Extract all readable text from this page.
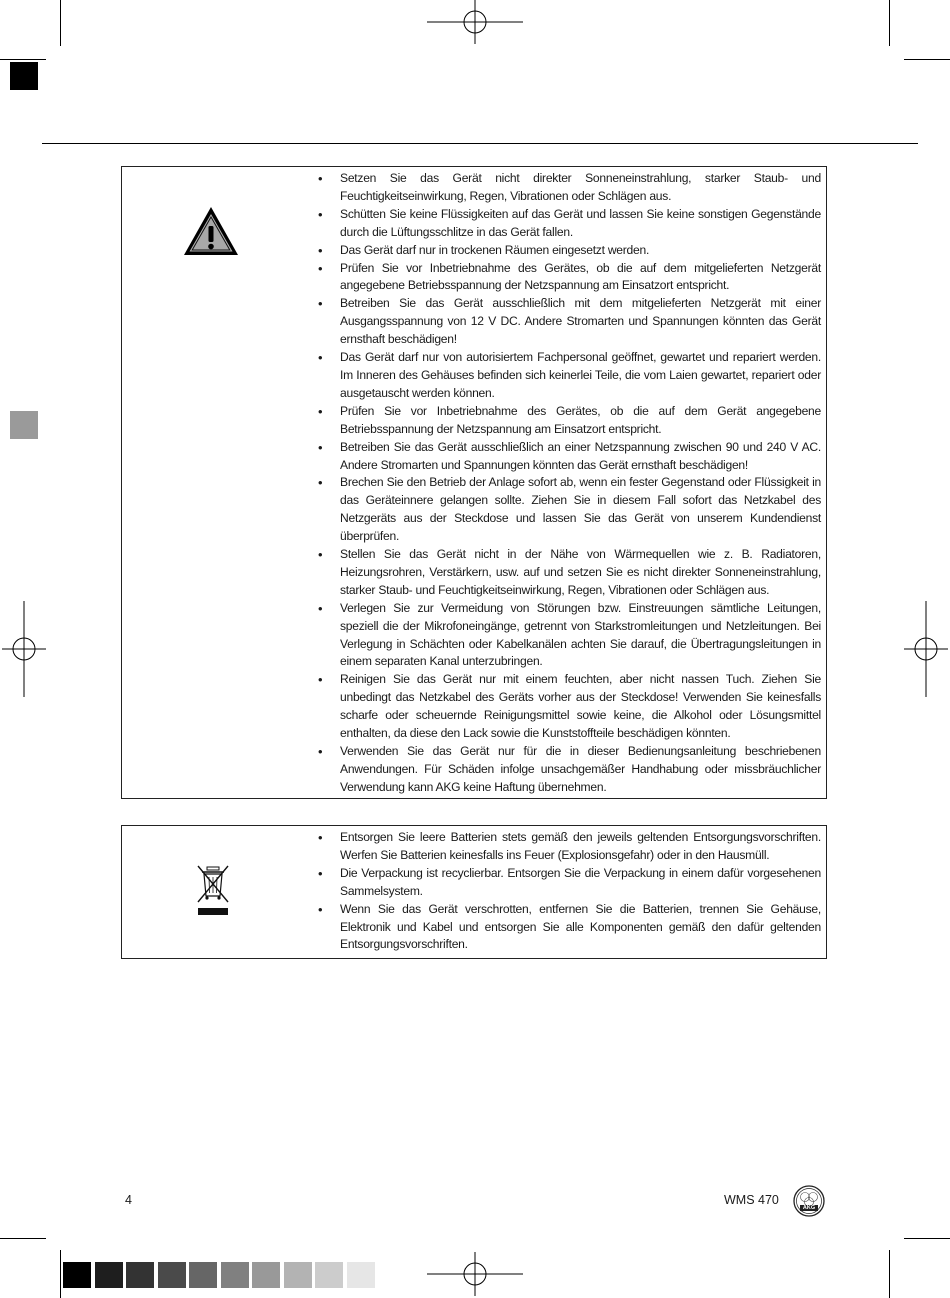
• Setzen Sie das Gerät nicht direkter Sonneneinstrahlung, starker Staub- und Feuchtigkeitseinwirkung, Regen, Vibrationen oder Schlägen aus.
• Schütten Sie keine Flüssigkeiten auf das Gerät und lassen Sie keine sonstigen Gegenstände durch die Lüftungsschlitze in das Gerät fallen.
• Das Gerät darf nur in trockenen Räumen eingesetzt werden.
• Prüfen Sie vor Inbetriebnahme des Gerätes, ob die auf dem mitgelieferten Netzgerät angegebene Betriebsspannung der Netzspannung am Einsatzort entspricht.
• Betreiben Sie das Gerät ausschließlich mit dem mitgelieferten Netzgerät mit einer Ausgangsspannung von 12 V DC. Andere Stromarten und Spannungen könnten das Gerät ernsthaft beschädigen!
• Das Gerät darf nur von autorisiertem Fachpersonal geöffnet, gewartet und repariert werden. Im Inneren des Gehäuses befinden sich keinerlei Teile, die vom Laien gewartet, repariert oder ausgetauscht werden können.
• Prüfen Sie vor Inbetriebnahme des Gerätes, ob die auf dem Gerät angegebene Betriebsspannung der Netzspannung am Einsatzort entspricht.
• Betreiben Sie das Gerät ausschließlich an einer Netzspannung zwischen 90 und 240 V AC. Andere Stromarten und Spannungen könnten das Gerät ernsthaft beschädigen!
• Brechen Sie den Betrieb der Anlage sofort ab, wenn ein fester Gegenstand oder Flüssigkeit in das Geräteinnere gelangen sollte. Ziehen Sie in diesem Fall sofort das Netzkabel des Netzgeräts aus der Steckdose und lassen Sie das Gerät von unserem Kundendienst überprüfen.
• Stellen Sie das Gerät nicht in der Nähe von Wärmequellen wie z. B. Radiatoren, Heizungsrohren, Verstärkern, usw. auf und setzen Sie es nicht direkter Sonneneinstrahlung, starker Staub- und Feuchtigkeitseinwirkung, Regen, Vibrationen oder Schlägen aus.
• Verlegen Sie zur Vermeidung von Störungen bzw. Einstreuungen sämtliche Leitungen, speziell die der Mikrofoneingänge, getrennt von Starkstromleitungen und Netzleitungen. Bei Verlegung in Schächten oder Kabelkanälen achten Sie darauf, die Übertragungsleitungen in einem separaten Kanal unterzubringen.
• Reinigen Sie das Gerät nur mit einem feuchten, aber nicht nassen Tuch. Ziehen Sie unbedingt das Netzkabel des Geräts vorher aus der Steckdose! Verwenden Sie keinesfalls scharfe oder scheuernde Reinigungsmittel sowie keine, die Alkohol oder Lösungsmittel enthalten, da diese den Lack sowie die Kunststoffteile beschädigen könnten.
• Verwenden Sie das Gerät nur für die in dieser Bedienungsanleitung beschriebenen Anwendungen. Für Schäden infolge unsachgemäßer Handhabung oder missbräuchlicher Verwendung kann AKG keine Haftung übernehmen.
• Entsorgen Sie leere Batterien stets gemäß den jeweils geltenden Entsorgungsvorschriften. Werfen Sie Batterien keinesfalls ins Feuer (Explosionsgefahr) oder in den Hausmüll.
• Die Verpackung ist recyclierbar. Entsorgen Sie die Verpackung in einem dafür vorgesehenen Sammelsystem.
• Wenn Sie das Gerät verschrotten, entfernen Sie die Batterien, trennen Sie Gehäuse, Elektronik und Kabel und entsorgen Sie alle Komponenten gemäß den dafür geltenden Entsorgungsvorschriften.
4	WMS 470
AKG
